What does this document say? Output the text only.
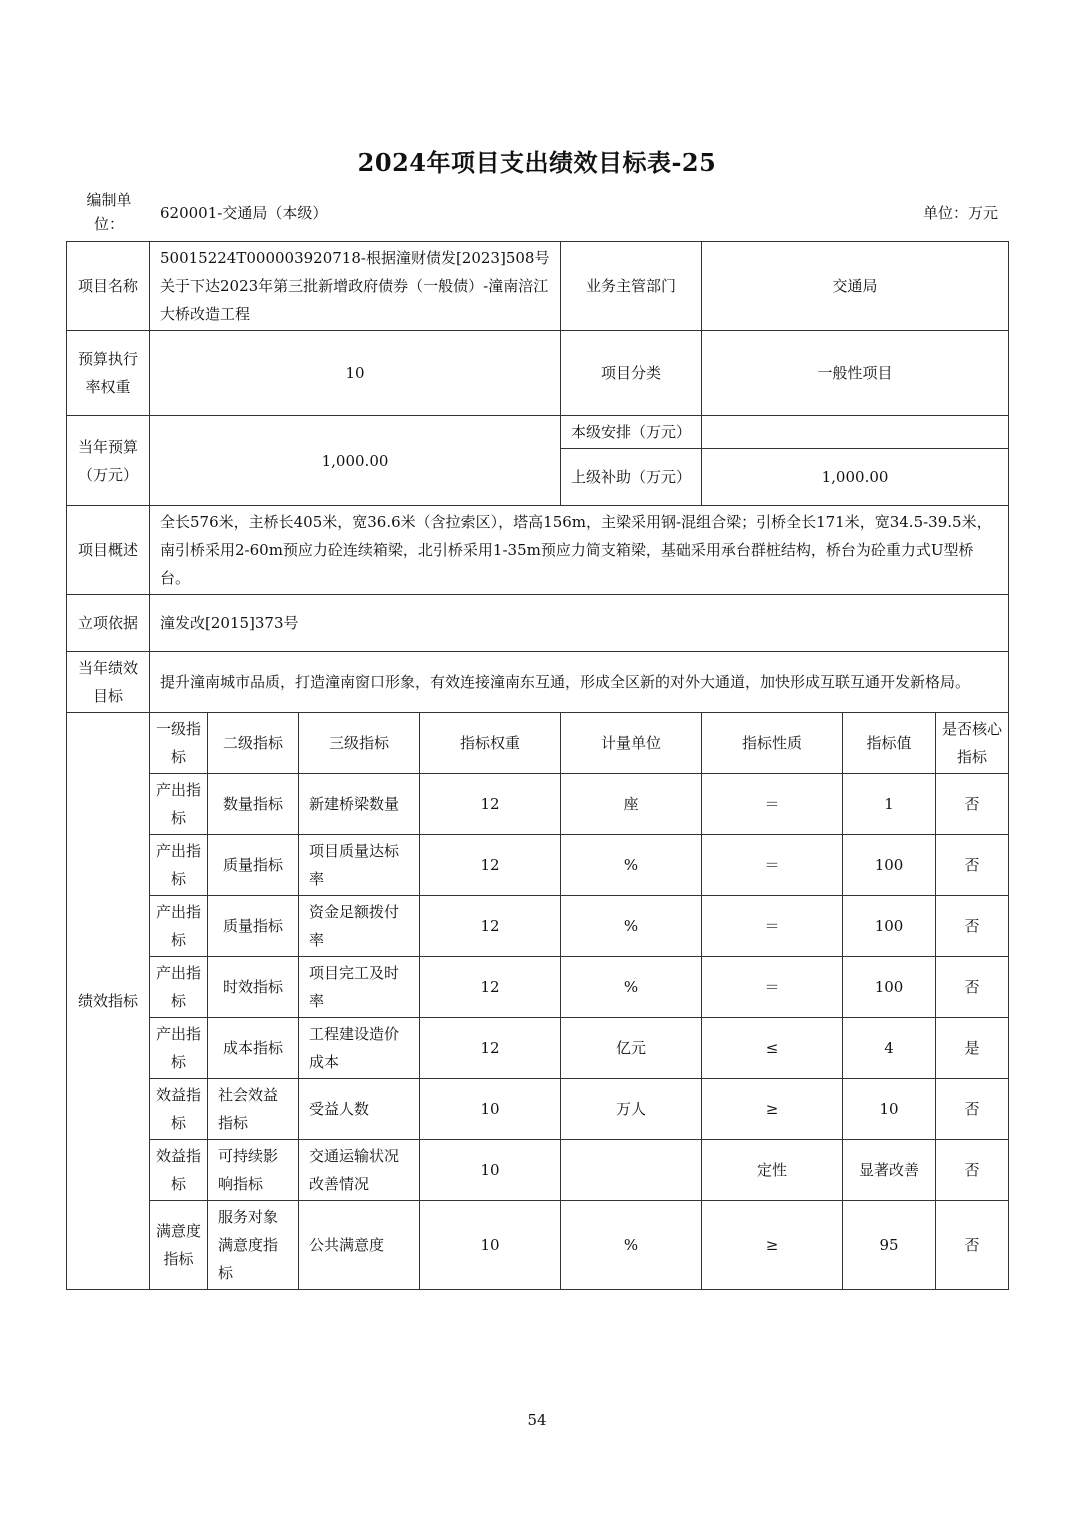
2024年项目支出绩效目标表-25
编制单位：
620001-交通局（本级）	单位：万元
项目名称	50015224T000003920718-根据潼财债发[2023]508号关于下达2023年第三批新增政府债券（一般债）-潼南涪江大桥改造工程				业务主管部门	交通局		
预算执行率权重	10				项目分类	一般性项目		
当年预算（万元）	1,000.00				本级安排（万元）			
					上级补助（万元）	1,000.00		
项目概述	全长576米，主桥长405米，宽36.6米（含拉索区），塔高156m，主梁采用钢-混组合梁；引桥全长171米，宽34.5-39.5米，南引桥采用2-60m预应力砼连续箱梁，北引桥采用1-35m预应力简支箱梁，基础采用承台群桩结构，桥台为砼重力式U型桥台。							
立项依据	潼发改[2015]373号							
当年绩效目标	提升潼南城市品质，打造潼南窗口形象，有效连接潼南东互通，形成全区新的对外大通道，加快形成互联互通开发新格局。							
绩效指标	一级指标	二级指标	三级指标	指标权重	计量单位	指标性质	指标值	是否核心指标
	产出指标	数量指标	新建桥梁数量	12	座	＝	1	否
	产出指标	质量指标	项目质量达标率	12	%	＝	100	否
	产出指标	质量指标	资金足额拨付率	12	%	＝	100	否
	产出指标	时效指标	项目完工及时率	12	%	＝	100	否
	产出指标	成本指标	工程建设造价成本	12	亿元	≤	4	是
	效益指标	社会效益指标	受益人数	10	万人	≥	10	否
	效益指标	可持续影响指标	交通运输状况改善情况	10		定性	显著改善	否
	满意度指标	服务对象满意度指标	公共满意度	10	%	≥	95	否
54
